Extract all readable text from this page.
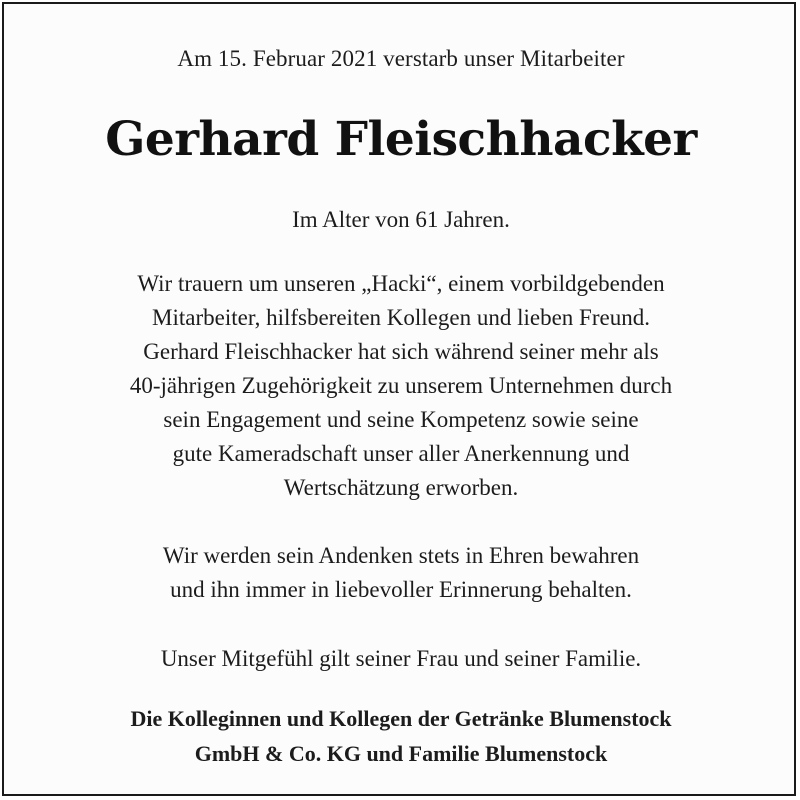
Am 15. Februar 2021 verstarb unser Mitarbeiter
Gerhard Fleischhacker
Im Alter von 61 Jahren.
Wir trauern um unseren „Hacki“, einem vorbildgebenden
Mitarbeiter, hilfsbereiten Kollegen und lieben Freund.
Gerhard Fleischhacker hat sich während seiner mehr als
40-jährigen Zugehörigkeit zu unserem Unternehmen durch
sein Engagement und seine Kompetenz sowie seine
gute Kameradschaft unser aller Anerkennung und
Wertschätzung erworben.
Wir werden sein Andenken stets in Ehren bewahren
und ihn immer in liebevoller Erinnerung behalten.
Unser Mitgefühl gilt seiner Frau und seiner Familie.
Die Kolleginnen und Kollegen der Getränke Blumenstock
GmbH & Co. KG und Familie Blumenstock
